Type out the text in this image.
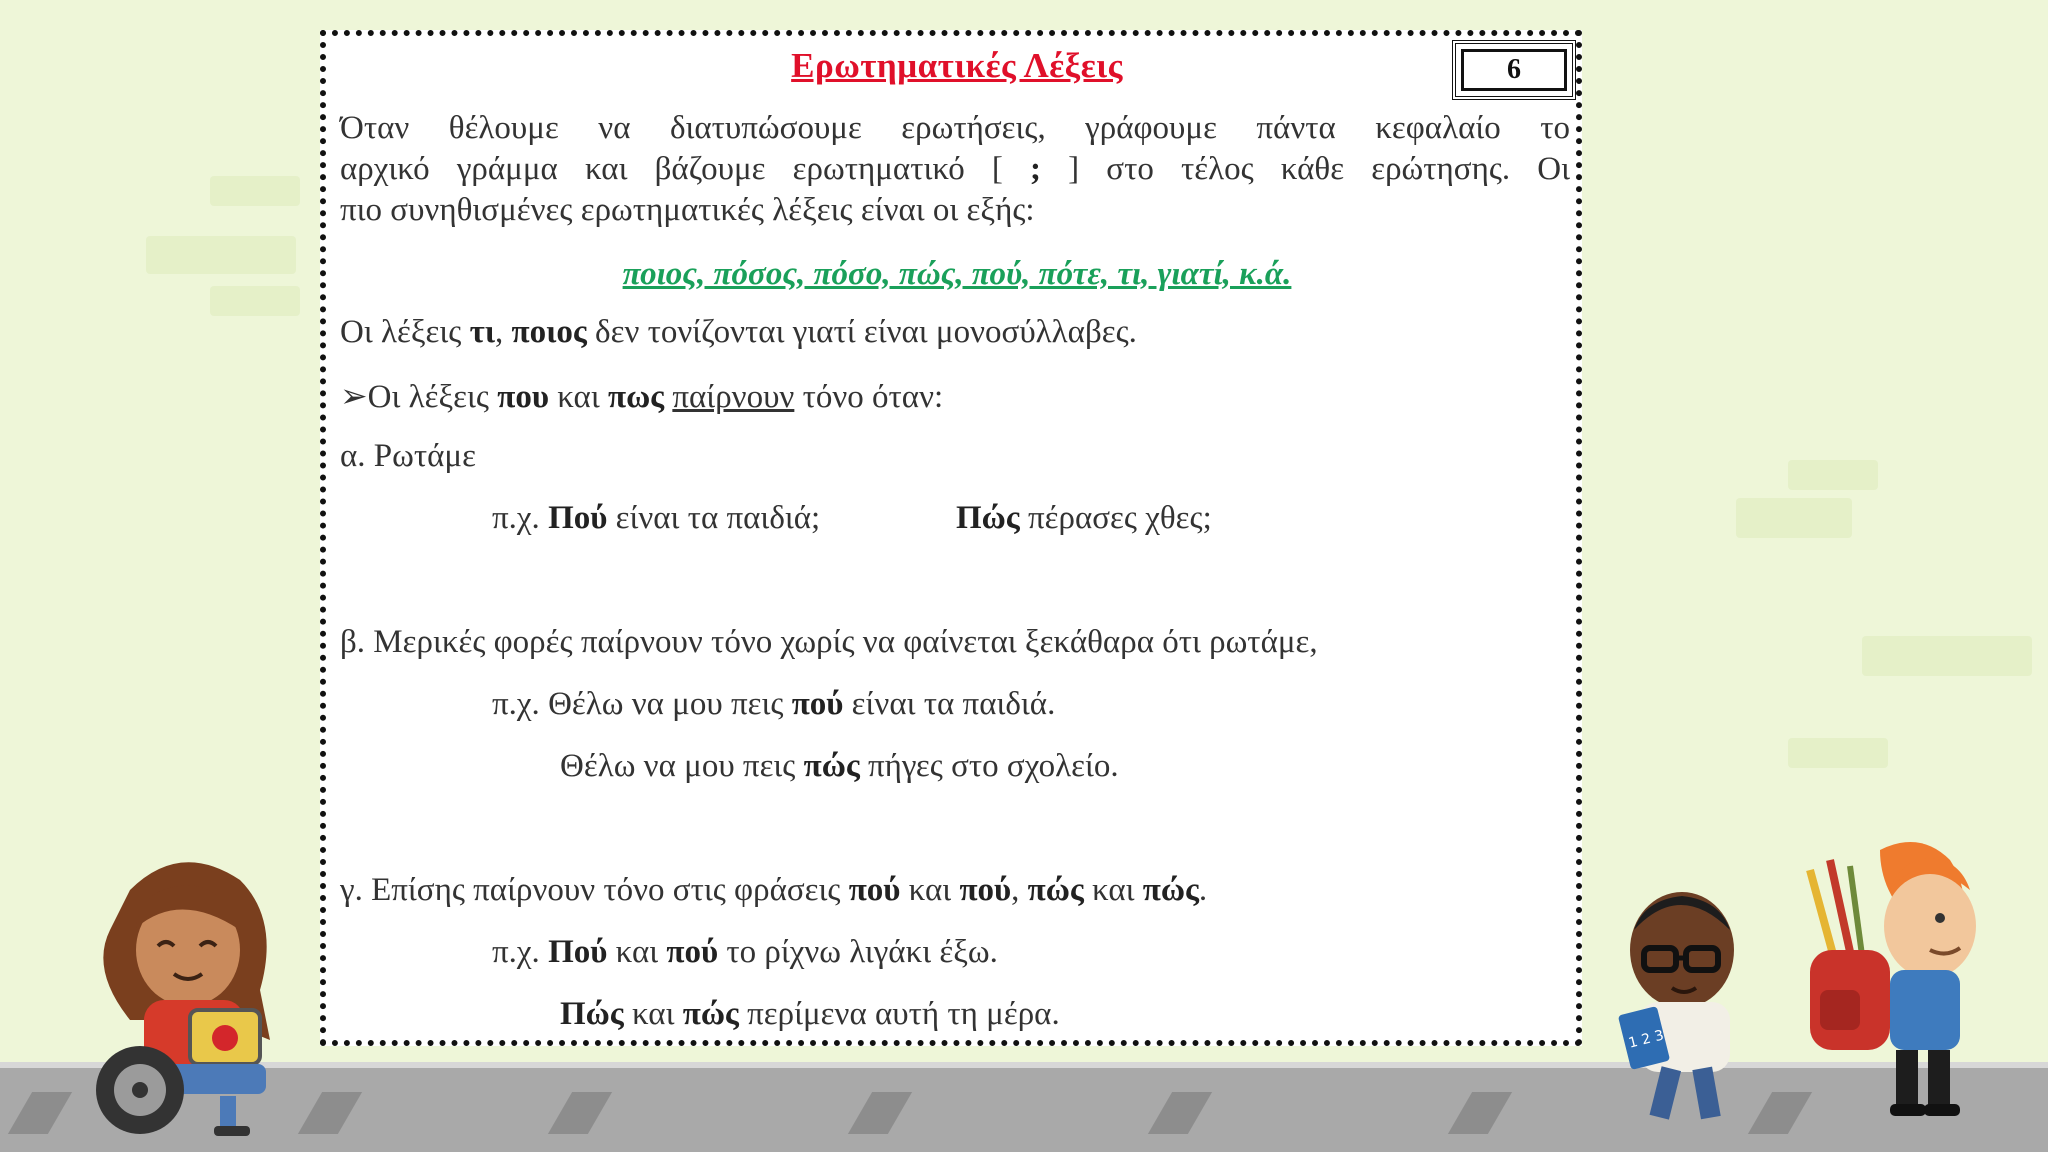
1 2 3
Ερωτηματικές Λέξεις	6
Όταν θέλουμε να διατυπώσουμε ερωτήσεις, γράφουμε πάντα κεφαλαίο το
αρχικό γράμμα και βάζουμε ερωτηματικό [ ; ] στο τέλος κάθε ερώτησης. Οι
πιο συνηθισμένες ερωτηματικές λέξεις είναι οι εξής:
ποιος, πόσος, πόσο, πώς, πού, πότε, τι, γιατί, κ.ά.
Οι λέξεις τι, ποιος δεν τονίζονται γιατί είναι μονοσύλλαβες.
➢Οι λέξεις που και πως παίρνουν τόνο όταν:
α. Ρωτάμε
π.χ. Πού είναι τα παιδιά;	Πώς πέρασες χθες;
β. Μερικές φορές παίρνουν τόνο χωρίς να φαίνεται ξεκάθαρα ότι ρωτάμε,
π.χ. Θέλω να μου πεις πού είναι τα παιδιά.
Θέλω να μου πεις πώς πήγες στο σχολείο.
γ. Επίσης παίρνουν τόνο στις φράσεις πού και πού, πώς και πώς.
π.χ. Πού και πού το ρίχνω λιγάκι έξω.
Πώς και πώς περίμενα αυτή τη μέρα.
